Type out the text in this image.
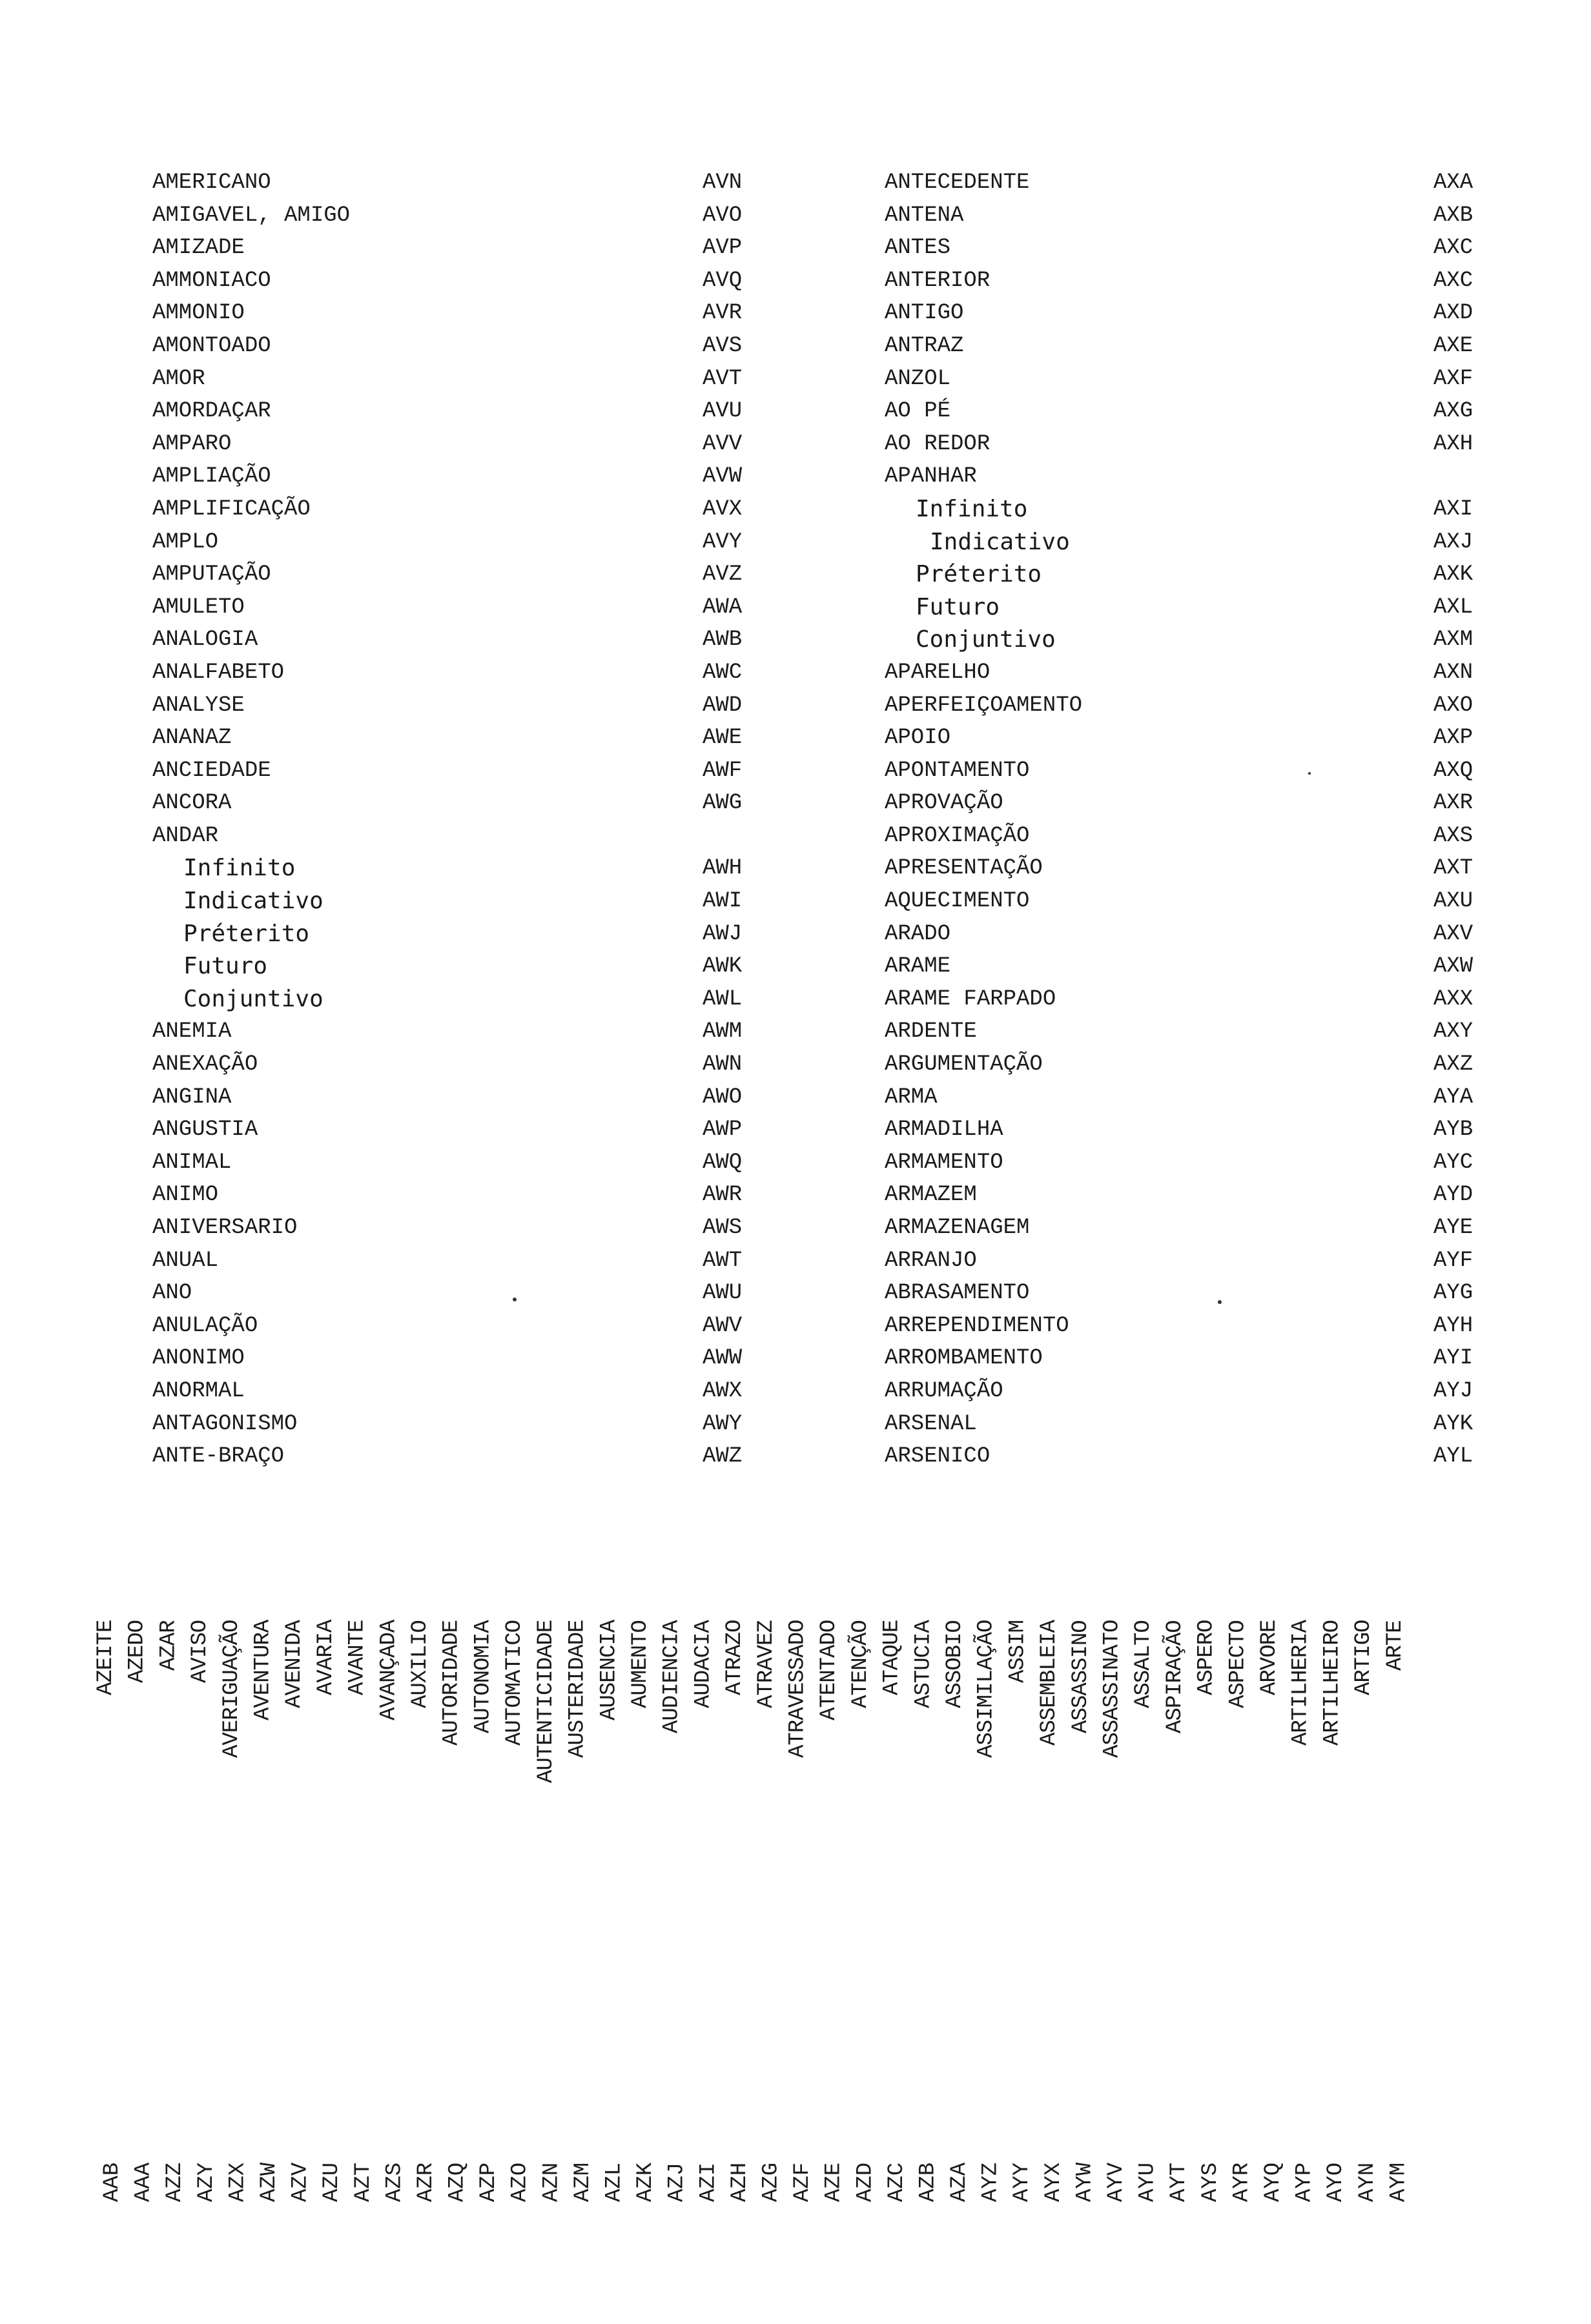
AMERICANO	AVN
AMIGAVEL, AMIGO	AVO
AMIZADE	AVP
AMMONIACO	AVQ
AMMONIO	AVR
AMONTOADO	AVS
AMOR	AVT
AMORDAÇAR	AVU
AMPARO	AVV
AMPLIAÇÃO	AVW
AMPLIFICAÇÃO	AVX
AMPLO	AVY
AMPUTAÇÃO	AVZ
AMULETO	AWA
ANALOGIA	AWB
ANALFABETO	AWC
ANALYSE	AWD
ANANAZ	AWE
ANCIEDADE	AWF
ANCORA	AWG
ANDAR
Infinito	AWH
Indicativo	AWI
Préterito	AWJ
Futuro	AWK
Conjuntivo	AWL
ANEMIA	AWM
ANEXAÇÃO	AWN
ANGINA	AWO
ANGUSTIA	AWP
ANIMAL	AWQ
ANIMO	AWR
ANIVERSARIO	AWS
ANUAL	AWT
ANO	AWU
ANULAÇÃO	AWV
ANONIMO	AWW
ANORMAL	AWX
ANTAGONISMO	AWY
ANTE-BRAÇO	AWZ
ANTECEDENTE	AXA
ANTENA	AXB
ANTES	AXC
ANTERIOR	AXC
ANTIGO	AXD
ANTRAZ	AXE
ANZOL	AXF
AO PÉ	AXG
AO REDOR	AXH
APANHAR
Infinito	AXI
Indicativo	AXJ
Préterito	AXK
Futuro	AXL
Conjuntivo	AXM
APARELHO	AXN
APERFEIÇOAMENTO	AXO
APOIO	AXP
APONTAMENTO	AXQ
APROVAÇÃO	AXR
APROXIMAÇÃO	AXS
APRESENTAÇÃO	AXT
AQUECIMENTO	AXU
ARADO	AXV
ARAME	AXW
ARAME FARPADO	AXX
ARDENTE	AXY
ARGUMENTAÇÃO	AXZ
ARMA	AYA
ARMADILHA	AYB
ARMAMENTO	AYC
ARMAZEM	AYD
ARMAZENAGEM	AYE
ARRANJO	AYF
ABRASAMENTO	AYG
ARREPENDIMENTO	AYH
ARROMBAMENTO	AYI
ARRUMAÇÃO	AYJ
ARSENAL	AYK
ARSENICO	AYL
AZEITE AZEDO AZAR AVISO AVERIGUAÇÃO AVENTURA AVENIDA AVARIA AVANTE AVANÇADA AUXILIO AUTORIDADE AUTONOMIA AUTOMATICO AUTENTICIDADE AUSTERIDADE AUSENCIA AUMENTO AUDIENCIA AUDACIA ATRAZO ATRAVEZ ATRAVESSADO ATENTADO ATENÇÃO ATAQUE ASTUCIA ASSOBIO ASSIMILAÇÃO ASSIM ASSEMBLEIA ASSASSINO ASSASSINATO ASSALTO ASPIRAÇÃO ASPERO ASPECTO ARVORE ARTILHERIA ARTILHEIRO ARTIGO ARTE
AAB AAA AZZ AZY AZX AZW AZV AZU AZT AZS AZR AZQ AZP AZO AZN AZM AZL AZK AZJ AZI AZH AZG AZF AZE AZD AZC AZB AZA AYZ AYY AYX AYW AYV AYU AYT AYS AYR AYQ AYP AYO AYN AYM
